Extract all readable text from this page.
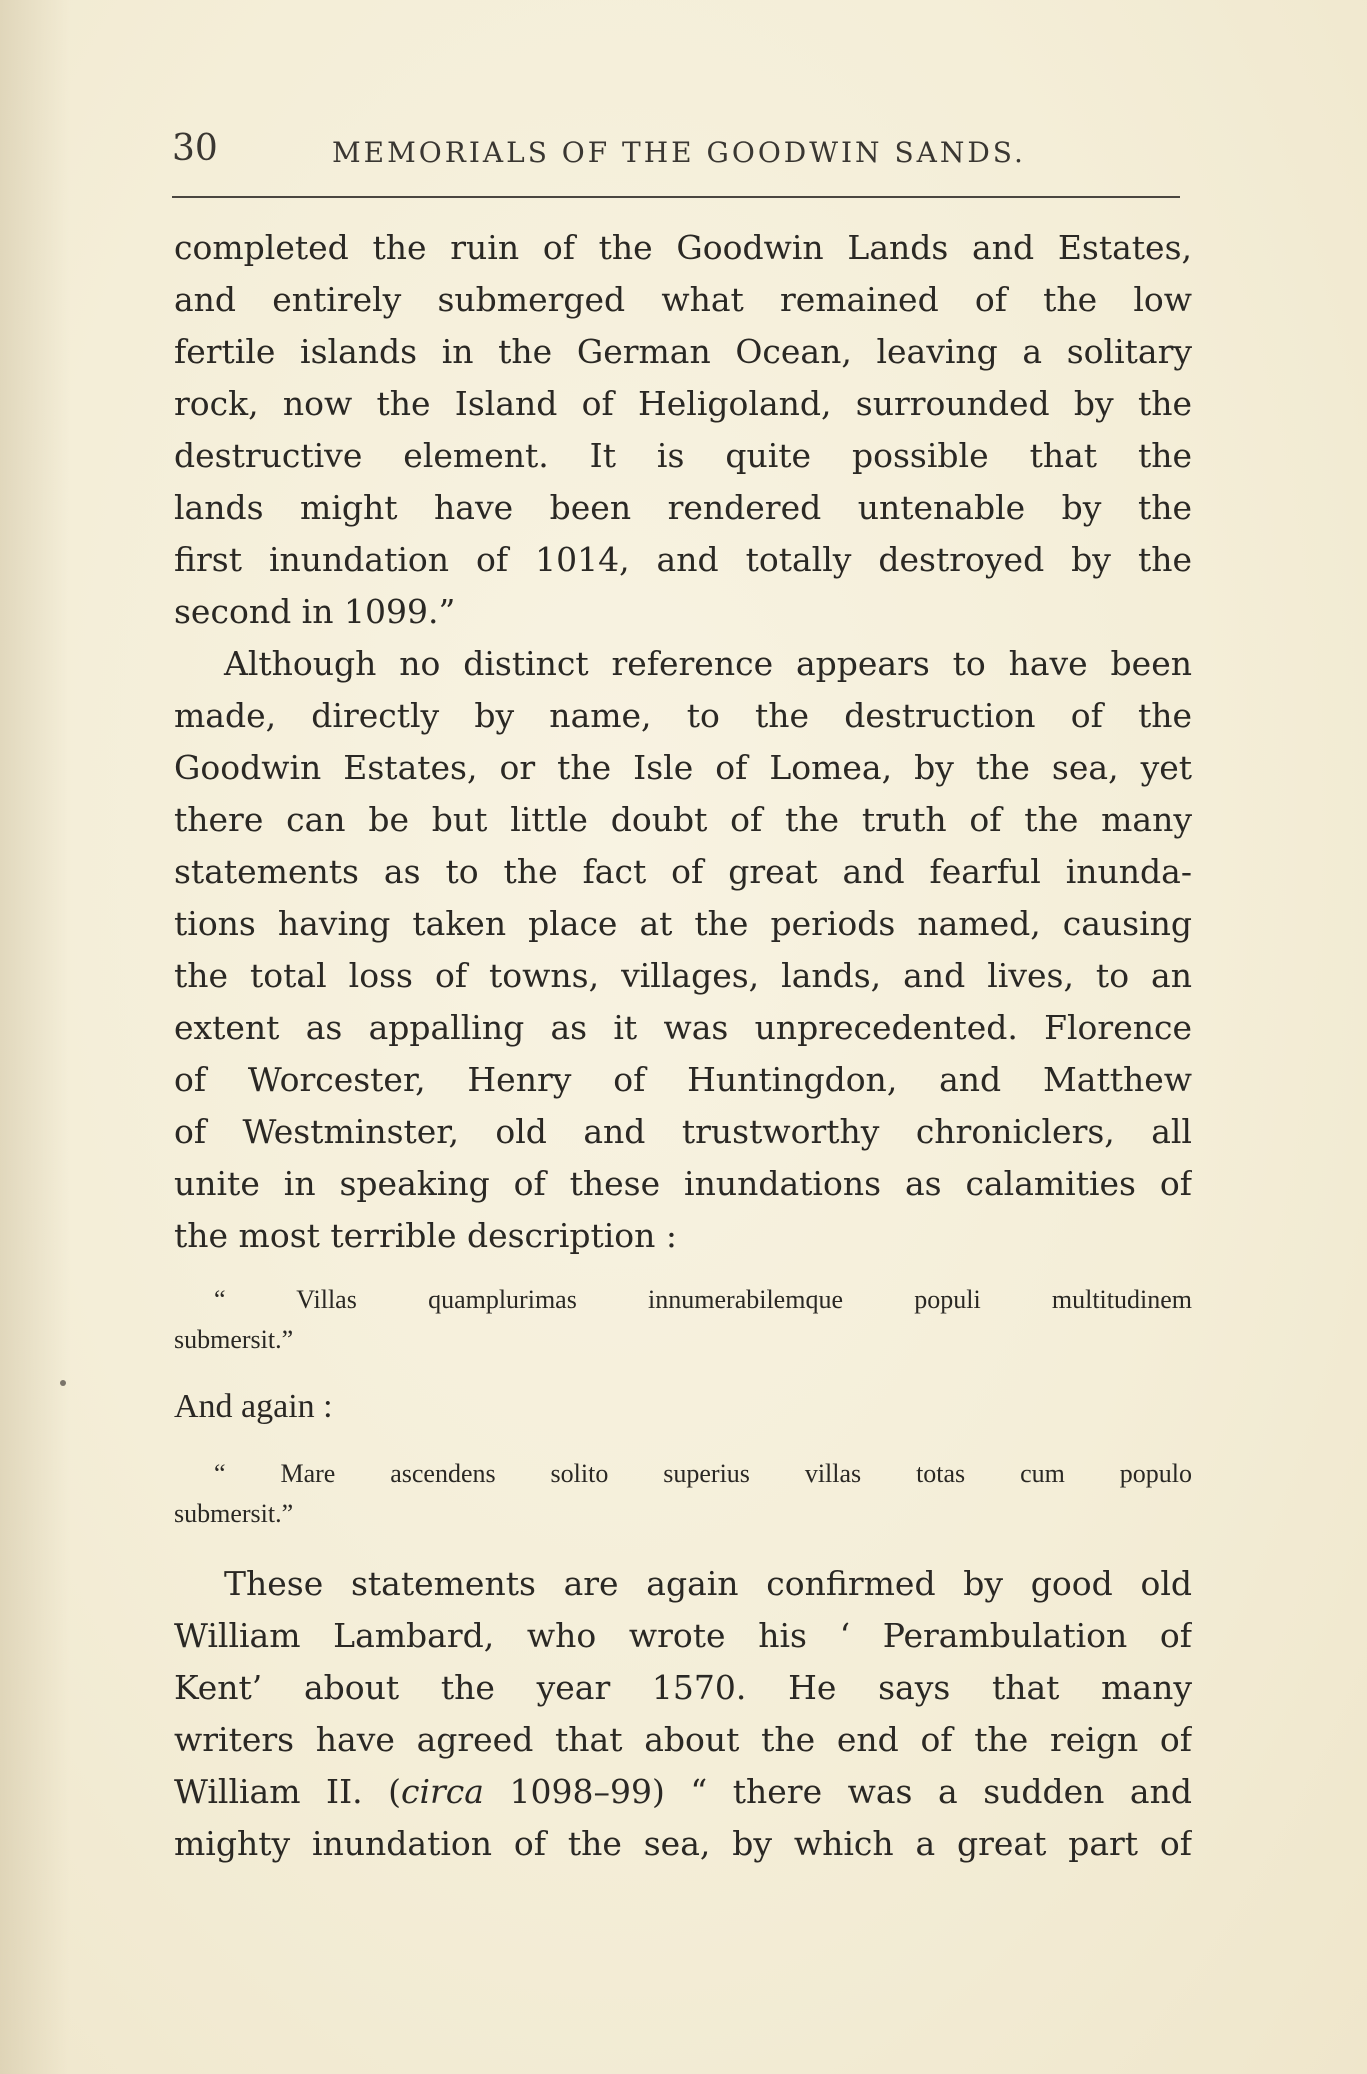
30	MEMORIALS OF THE GOODWIN SANDS.
completed the ruin of the Goodwin Lands and Estates,
and entirely submerged what remained of the low
fertile islands in the German Ocean, leaving a solitary
rock, now the Island of Heligoland, surrounded by the
destructive element. It is quite possible that the
lands might have been rendered untenable by the
first inundation of 1014, and totally destroyed by the
second in 1099.”
Although no distinct reference appears to have been
made, directly by name, to the destruction of the
Goodwin Estates, or the Isle of Lomea, by the sea, yet
there can be but little doubt of the truth of the many
statements as to the fact of great and fearful inunda-
tions having taken place at the periods named, causing
the total loss of towns, villages, lands, and lives, to an
extent as appalling as it was unprecedented. Florence
of Worcester, Henry of Huntingdon, and Matthew
of Westminster, old and trustworthy chroniclers, all
unite in speaking of these inundations as calamities of
the most terrible description :
“ Villas quamplurimas innumerabilemque populi multitudinem
submersit.”
And again :
“ Mare ascendens solito superius villas totas cum populo
submersit.”
These statements are again confirmed by good old
William Lambard, who wrote his ‘ Perambulation of
Kent’ about the year 1570. He says that many
writers have agreed that about the end of the reign of
William II. (circa 1098–99) “ there was a sudden and
mighty inundation of the sea, by which a great part of
